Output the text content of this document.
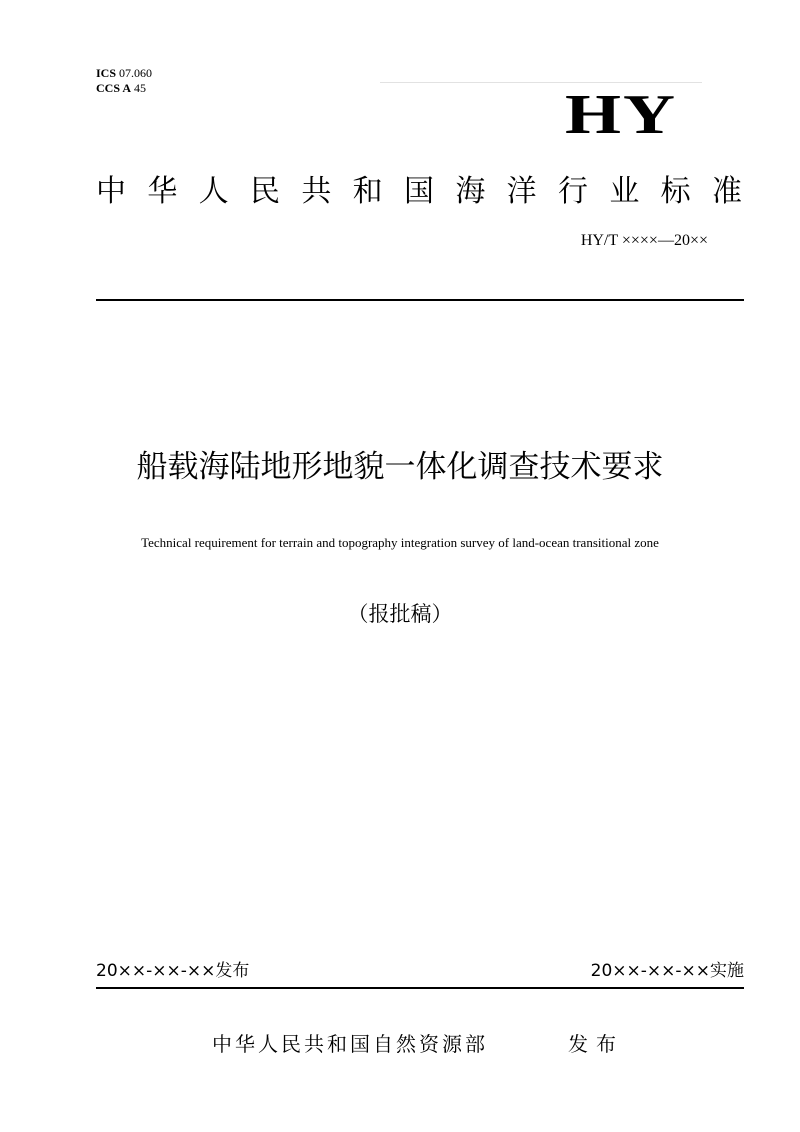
ICS 07.060
CCS A 45	HY
中华人民共和国海洋行业标准
HY/T ××××—20××
船载海陆地形地貌一体化调查技术要求
Technical requirement for terrain and topography integration survey of land-ocean transitional zone
（报批稿）
20××-××-××发布	20××-××-××实施
中华人民共和国自然资源部	发布
